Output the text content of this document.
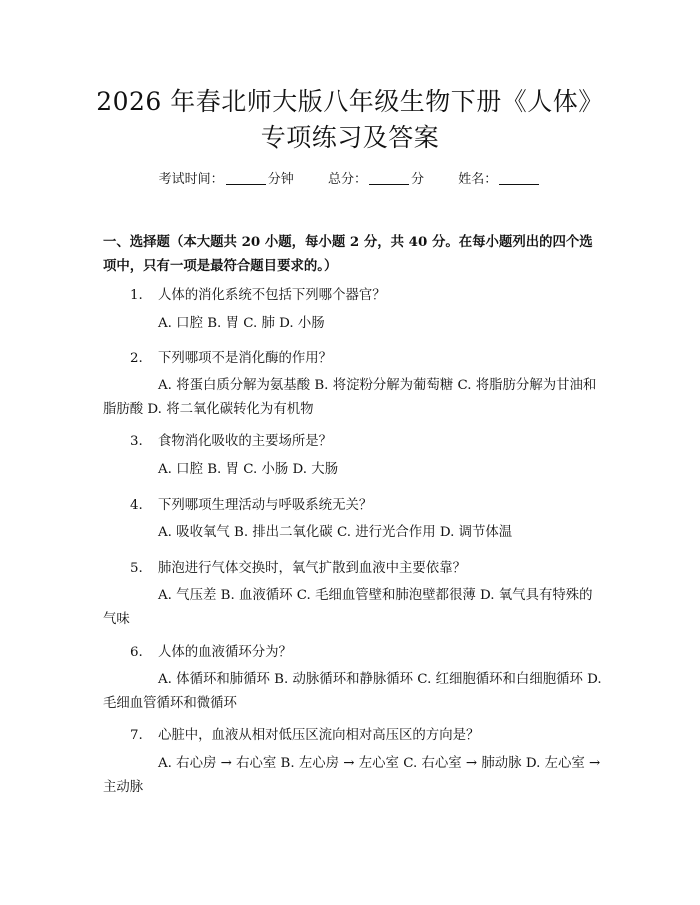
2026 年春北师大版八年级生物下册《人体》
专项练习及答案
考试时间：	分钟	总分：	分	姓名：
一、选择题（本大题共 20 小题，每小题 2 分，共 40 分。在每小题列出的四个选项中，只有一项是最符合题目要求的。）
1. 人体的消化系统不包括下列哪个器官？
A. 口腔 B. 胃 C. 肺 D. 小肠
2. 下列哪项不是消化酶的作用？
A. 将蛋白质分解为氨基酸 B. 将淀粉分解为葡萄糖 C. 将脂肪分解为甘油和脂肪酸 D. 将二氧化碳转化为有机物
3. 食物消化吸收的主要场所是？
A. 口腔 B. 胃 C. 小肠 D. 大肠
4. 下列哪项生理活动与呼吸系统无关？
A. 吸收氧气 B. 排出二氧化碳 C. 进行光合作用 D. 调节体温
5. 肺泡进行气体交换时，氧气扩散到血液中主要依靠？
A. 气压差 B. 血液循环 C. 毛细血管壁和肺泡壁都很薄 D. 氧气具有特殊的气味
6. 人体的血液循环分为？
A. 体循环和肺循环 B. 动脉循环和静脉循环 C. 红细胞循环和白细胞循环 D. 毛细血管循环和微循环
7. 心脏中，血液从相对低压区流向相对高压区的方向是？
A. 右心房 → 右心室 B. 左心房 → 左心室 C. 右心室 → 肺动脉 D. 左心室 → 主动脉
